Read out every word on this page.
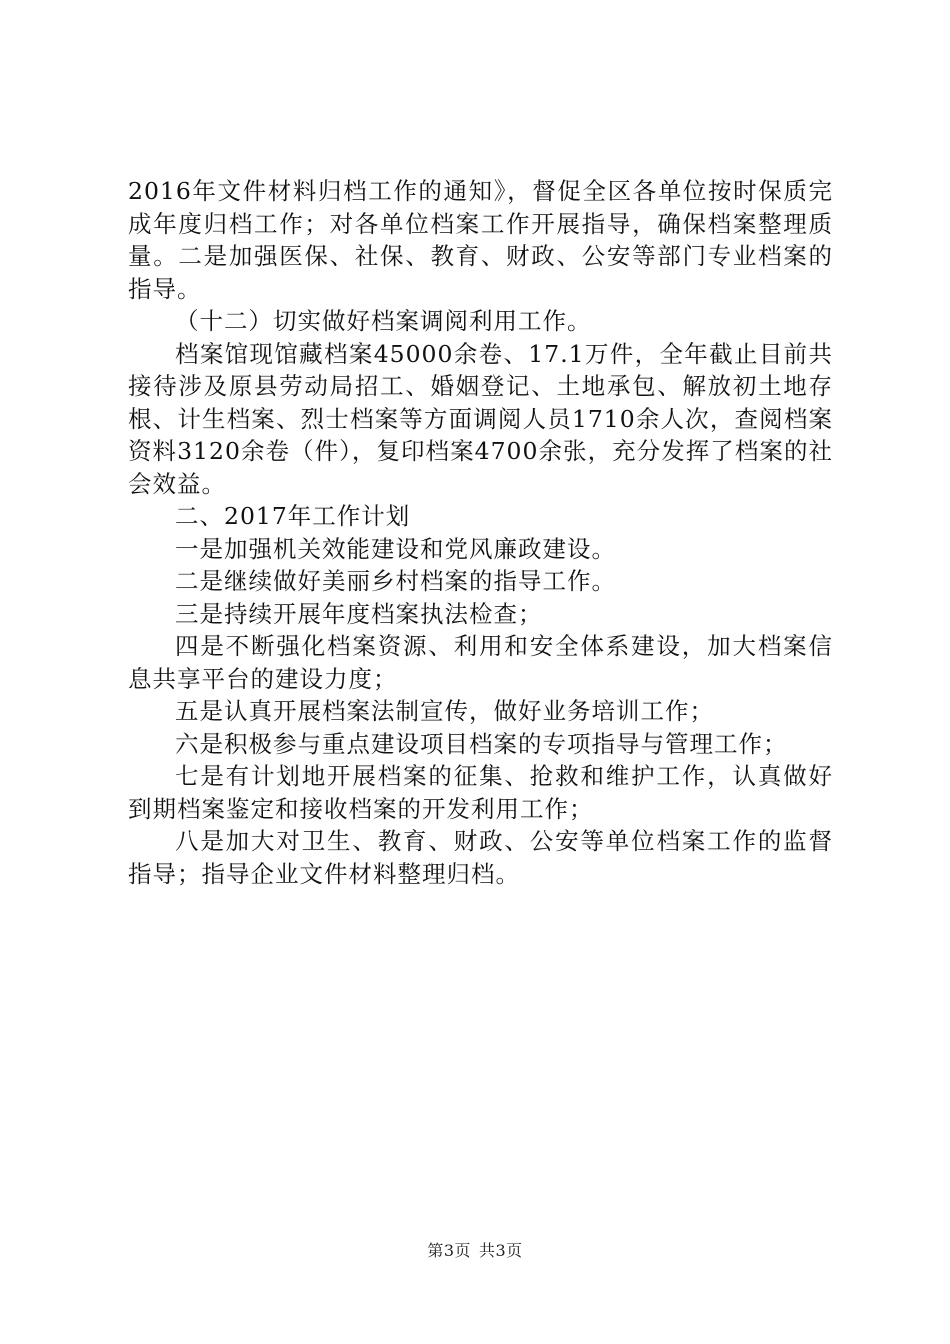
2016年文件材料归档工作的通知》，督促全区各单位按时保质完成年度归档工作；对各单位档案工作开展指导，确保档案整理质量。二是加强医保、社保、教育、财政、公安等部门专业档案的指导。

（十二）切实做好档案调阅利用工作。

档案馆现馆藏档案45000余卷、17.1万件，全年截止目前共接待涉及原县劳动局招工、婚姻登记、土地承包、解放初土地存根、计生档案、烈士档案等方面调阅人员1710余人次，查阅档案资料3120余卷（件），复印档案4700余张，充分发挥了档案的社会效益。

二、2017年工作计划

一是加强机关效能建设和党风廉政建设。

二是继续做好美丽乡村档案的指导工作。

三是持续开展年度档案执法检查；

四是不断强化档案资源、利用和安全体系建设，加大档案信息共享平台的建设力度；

五是认真开展档案法制宣传，做好业务培训工作；

六是积极参与重点建设项目档案的专项指导与管理工作；

七是有计划地开展档案的征集、抢救和维护工作，认真做好到期档案鉴定和接收档案的开发利用工作；

八是加大对卫生、教育、财政、公安等单位档案工作的监督指导；指导企业文件材料整理归档。

第3页 共3页
